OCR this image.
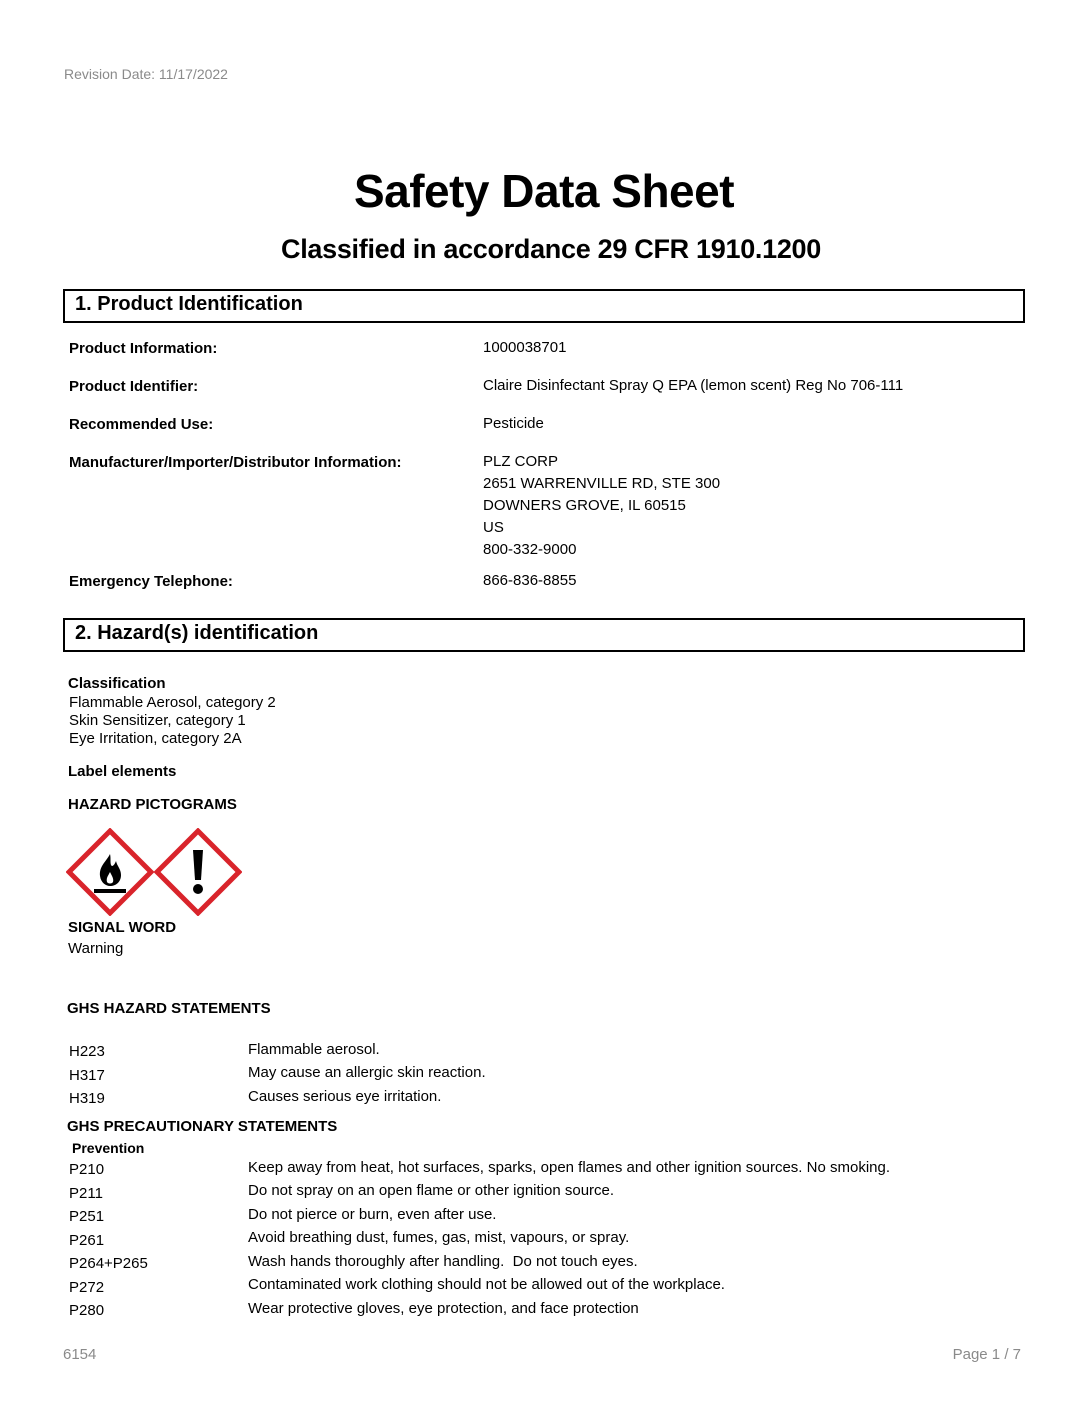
Revision Date: 11/17/2022
Safety Data Sheet
Classified in accordance 29 CFR 1910.1200
1. Product Identification
Product Information:	1000038701
Product Identifier:	Claire Disinfectant Spray Q EPA (lemon scent) Reg No 706-111
Recommended Use:	Pesticide
Manufacturer/Importer/Distributor Information:	PLZ CORP
2651 WARRENVILLE RD, STE 300
DOWNERS GROVE, IL 60515
US
800-332-9000
Emergency Telephone:	866-836-8855
2. Hazard(s) identification
Classification
Flammable Aerosol, category 2
Skin Sensitizer, category 1
Eye Irritation, category 2A
Label elements
HAZARD PICTOGRAMS
SIGNAL WORD
Warning
GHS HAZARD STATEMENTS
H223	Flammable aerosol.
H317	May cause an allergic skin reaction.
H319	Causes serious eye irritation.
GHS PRECAUTIONARY STATEMENTS
Prevention
P210	Keep away from heat, hot surfaces, sparks, open flames and other ignition sources. No smoking.
P211	Do not spray on an open flame or other ignition source.
P251	Do not pierce or burn, even after use.
P261	Avoid breathing dust, fumes, gas, mist, vapours, or spray.
P264+P265	Wash hands thoroughly after handling.  Do not touch eyes.
P272	Contaminated work clothing should not be allowed out of the workplace.
P280	Wear protective gloves, eye protection, and face protection
6154	Page 1 / 7
